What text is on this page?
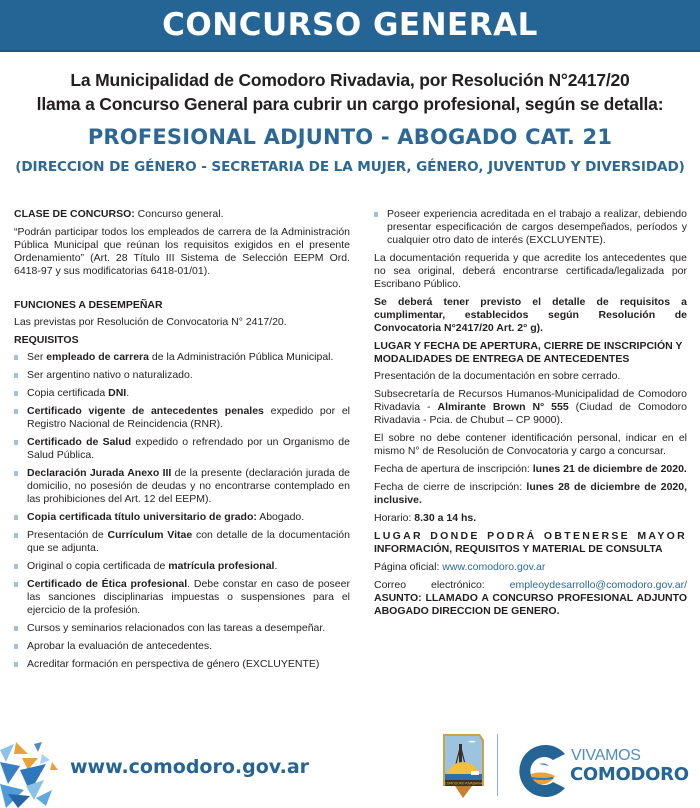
CONCURSO GENERAL
La Municipalidad de Comodoro Rivadavia, por Resolución N°2417/20
llama a Concurso General para cubrir un cargo profesional, según se detalla:
PROFESIONAL ADJUNTO - ABOGADO CAT. 21
(DIRECCION DE GÉNERO - SECRETARIA DE LA MUJER, GÉNERO, JUVENTUD Y DIVERSIDAD)
CLASE DE CONCURSO: Concurso general.
“Podrán participar todos los empleados de carrera de la Administración Pública Municipal que reúnan los requisitos exigidos en el presente Ordenamiento” (Art. 28 Título III Sistema de Selección EEPM Ord. 6418-97 y sus modificatorias 6418-01/01).
FUNCIONES A DESEMPEÑAR
Las previstas por Resolución de Convocatoria N° 2417/20.
REQUISITOS
Ser empleado de carrera de la Administración Pública Municipal.
Ser argentino nativo o naturalizado.
Copia certificada DNI.
Certificado vigente de antecedentes penales expedido por el Registro Nacional de Reincidencia (RNR).
Certificado de Salud expedido o refrendado por un Organismo de Salud Pública.
Declaración Jurada Anexo III de la presente (declaración jurada de domicilio, no posesión de deudas y no encontrarse contemplado en las prohibiciones del Art. 12 del EEPM).
Copia certificada título universitario de grado: Abogado.
Presentación de Currículum Vitae con detalle de la documentación que se adjunta.
Original o copia certificada de matrícula profesional.
Certificado de Ética profesional. Debe constar en caso de poseer las sanciones disciplinarias impuestas o suspensiones para el ejercicio de la profesión.
Cursos y seminarios relacionados con las tareas a desempeñar.
Aprobar la evaluación de antecedentes.
Acreditar formación en perspectiva de género (EXCLUYENTE)
Poseer experiencia acreditada en el trabajo a realizar, debiendo presentar especificación de cargos desempeñados, períodos y cualquier otro dato de interés (EXCLUYENTE).
La documentación requerida y que acredite los antecedentes que no sea original, deberá encontrarse certificada/legalizada por Escribano Público.
Se deberá tener previsto el detalle de requisitos a cumplimentar, establecidos según Resolución de Convocatoria N°2417/20 Art. 2° g).
LUGAR Y FECHA DE APERTURA, CIERRE DE INSCRIPCIÓN Y MODALIDADES DE ENTREGA DE ANTECEDENTES
Presentación de la documentación en sobre cerrado.
Subsecretaría de Recursos Humanos-Municipalidad de Comodoro Rivadavia - Almirante Brown N° 555 (Ciudad de Comodoro Rivadavia - Pcia. de Chubut – CP 9000).
El sobre no debe contener identificación personal, indicar en el mismo N° de Resolución de Convocatoria y cargo a concursar.
Fecha de apertura de inscripción: lunes 21 de diciembre de 2020.
Fecha de cierre de inscripción: lunes 28 de diciembre de 2020, inclusive.
Horario: 8.30 a 14 hs.
LUGAR DONDE PODRÁ OBTENERSE MAYOR
INFORMACIÓN, REQUISITOS Y MATERIAL DE CONSULTA
Página oficial: www.comodoro.gov.ar
Correo electrónico: empleoydesarrollo@comodoro.gov.ar/ ASUNTO: LLAMADO A CONCURSO PROFESIONAL ADJUNTO ABOGADO DIRECCION DE GENERO.
www.comodoro.gov.ar
COMODORO RIVADAVIA
VIVAMOS
COMODORO
